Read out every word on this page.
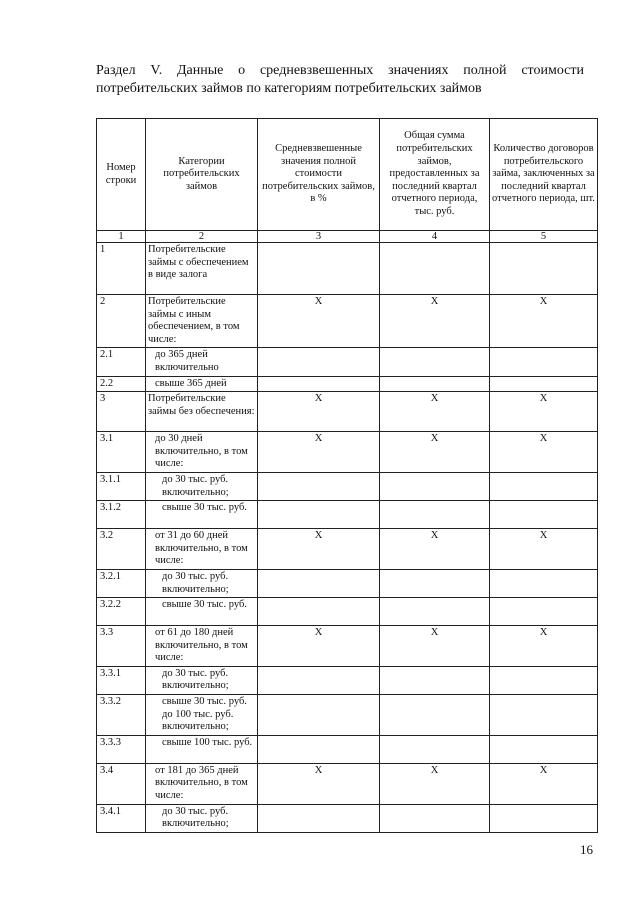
Раздел V. Данные о средневзвешенных значениях полной стоимости потребительских займов по категориям потребительских займов
Номер строки	Категории потребительских займов	Средневзвешенные значения полной стоимости потребительских займов, в %	Общая сумма потребительских займов, предоставленных за последний квартал отчетного периода, тыс. руб.	Количество договоров потребительского займа, заключенных за последний квартал отчетного периода, шт.
1	2	3	4	5
1	Потребительские займы с обеспечением в виде залога			
2	Потребительские займы с иным обеспечением, в том числе:	X	X	X
2.1	до 365 дней включительно			
2.2	свыше 365 дней			
3	Потребительские займы без обеспечения:	X	X	X
3.1	до 30 дней включительно, в том числе:	X	X	X
3.1.1	до 30 тыс. руб. включительно;			
3.1.2	свыше 30 тыс. руб.			
3.2	от 31 до 60 дней включительно, в том числе:	X	X	X
3.2.1	до 30 тыс. руб. включительно;			
3.2.2	свыше 30 тыс. руб.			
3.3	от 61 до 180 дней включительно, в том числе:	X	X	X
3.3.1	до 30 тыс. руб. включительно;			
3.3.2	свыше 30 тыс. руб. до 100 тыс. руб. включительно;			
3.3.3	свыше 100 тыс. руб.			
3.4	от 181 до 365 дней включительно, в том числе:	X	X	X
3.4.1	до 30 тыс. руб. включительно;			
16
